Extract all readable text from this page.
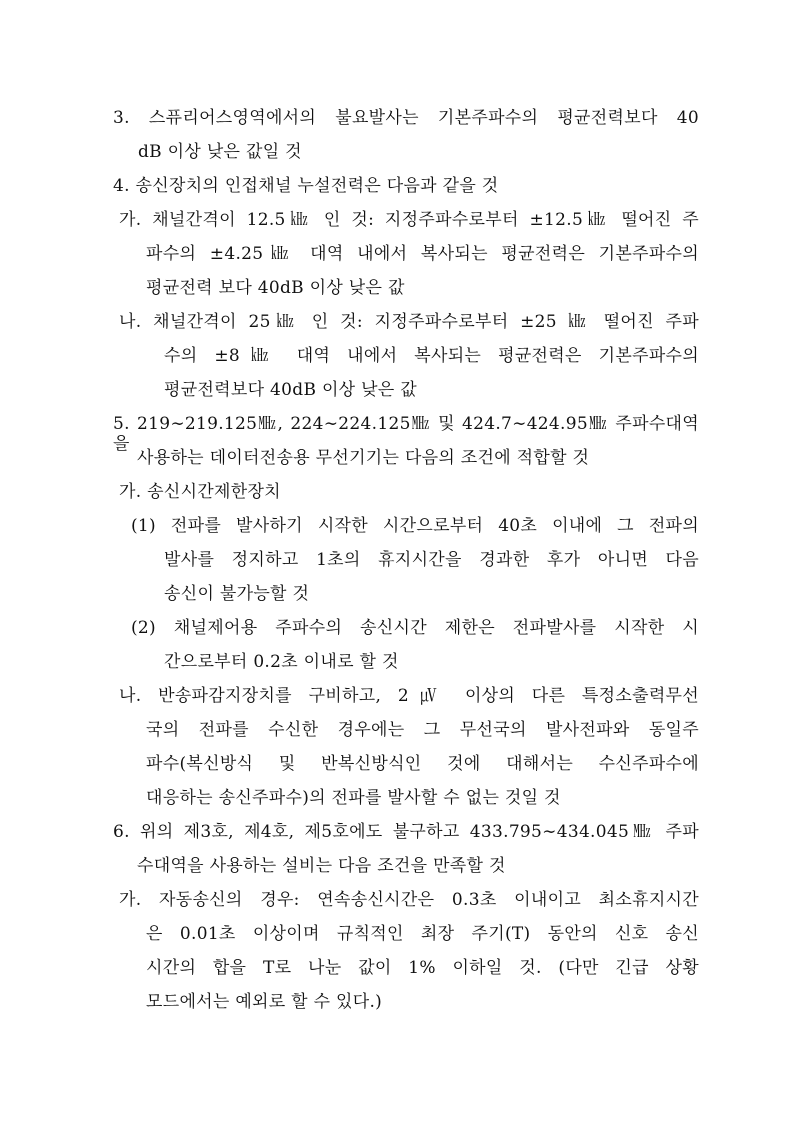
3. 스퓨리어스영역에서의 불요발사는 기본주파수의 평균전력보다 40
dB 이상 낮은 값일 것
4. 송신장치의 인접채널 누설전력은 다음과 같을 것
가. 채널간격이 12.5㎑ 인 것: 지정주파수로부터 ±12.5㎑ 떨어진 주
파수의 ±4.25㎑ 대역 내에서 복사되는 평균전력은 기본주파수의
평균전력 보다 40dB 이상 낮은 값
나. 채널간격이 25㎑ 인 것: 지정주파수로부터 ±25 ㎑ 떨어진 주파
수의 ±8㎑ 대역 내에서 복사되는 평균전력은 기본주파수의
평균전력보다 40dB 이상 낮은 값
5. 219∼219.125㎒, 224∼224.125㎒ 및 424.7∼424.95㎒ 주파수대역을
사용하는 데이터전송용 무선기기는 다음의 조건에 적합할 것
가. 송신시간제한장치
(1) 전파를 발사하기 시작한 시간으로부터 40초 이내에 그 전파의
발사를 정지하고 1초의 휴지시간을 경과한 후가 아니면 다음
송신이 불가능할 것
(2) 채널제어용 주파수의 송신시간 제한은 전파발사를 시작한 시
간으로부터 0.2초 이내로 할 것
나. 반송파감지장치를 구비하고, 2㎶ 이상의 다른 특정소출력무선
국의 전파를 수신한 경우에는 그 무선국의 발사전파와 동일주
파수(복신방식 및 반복신방식인 것에 대해서는 수신주파수에
대응하는 송신주파수)의 전파를 발사할 수 없는 것일 것
6. 위의 제3호, 제4호, 제5호에도 불구하고 433.795∼434.045㎒ 주파
수대역을 사용하는 설비는 다음 조건을 만족할 것
가. 자동송신의 경우: 연속송신시간은 0.3초 이내이고 최소휴지시간
은 0.01초 이상이며 규칙적인 최장 주기(T) 동안의 신호 송신
시간의 합을 T로 나눈 값이 1% 이하일 것. (다만 긴급 상황
모드에서는 예외로 할 수 있다.)
